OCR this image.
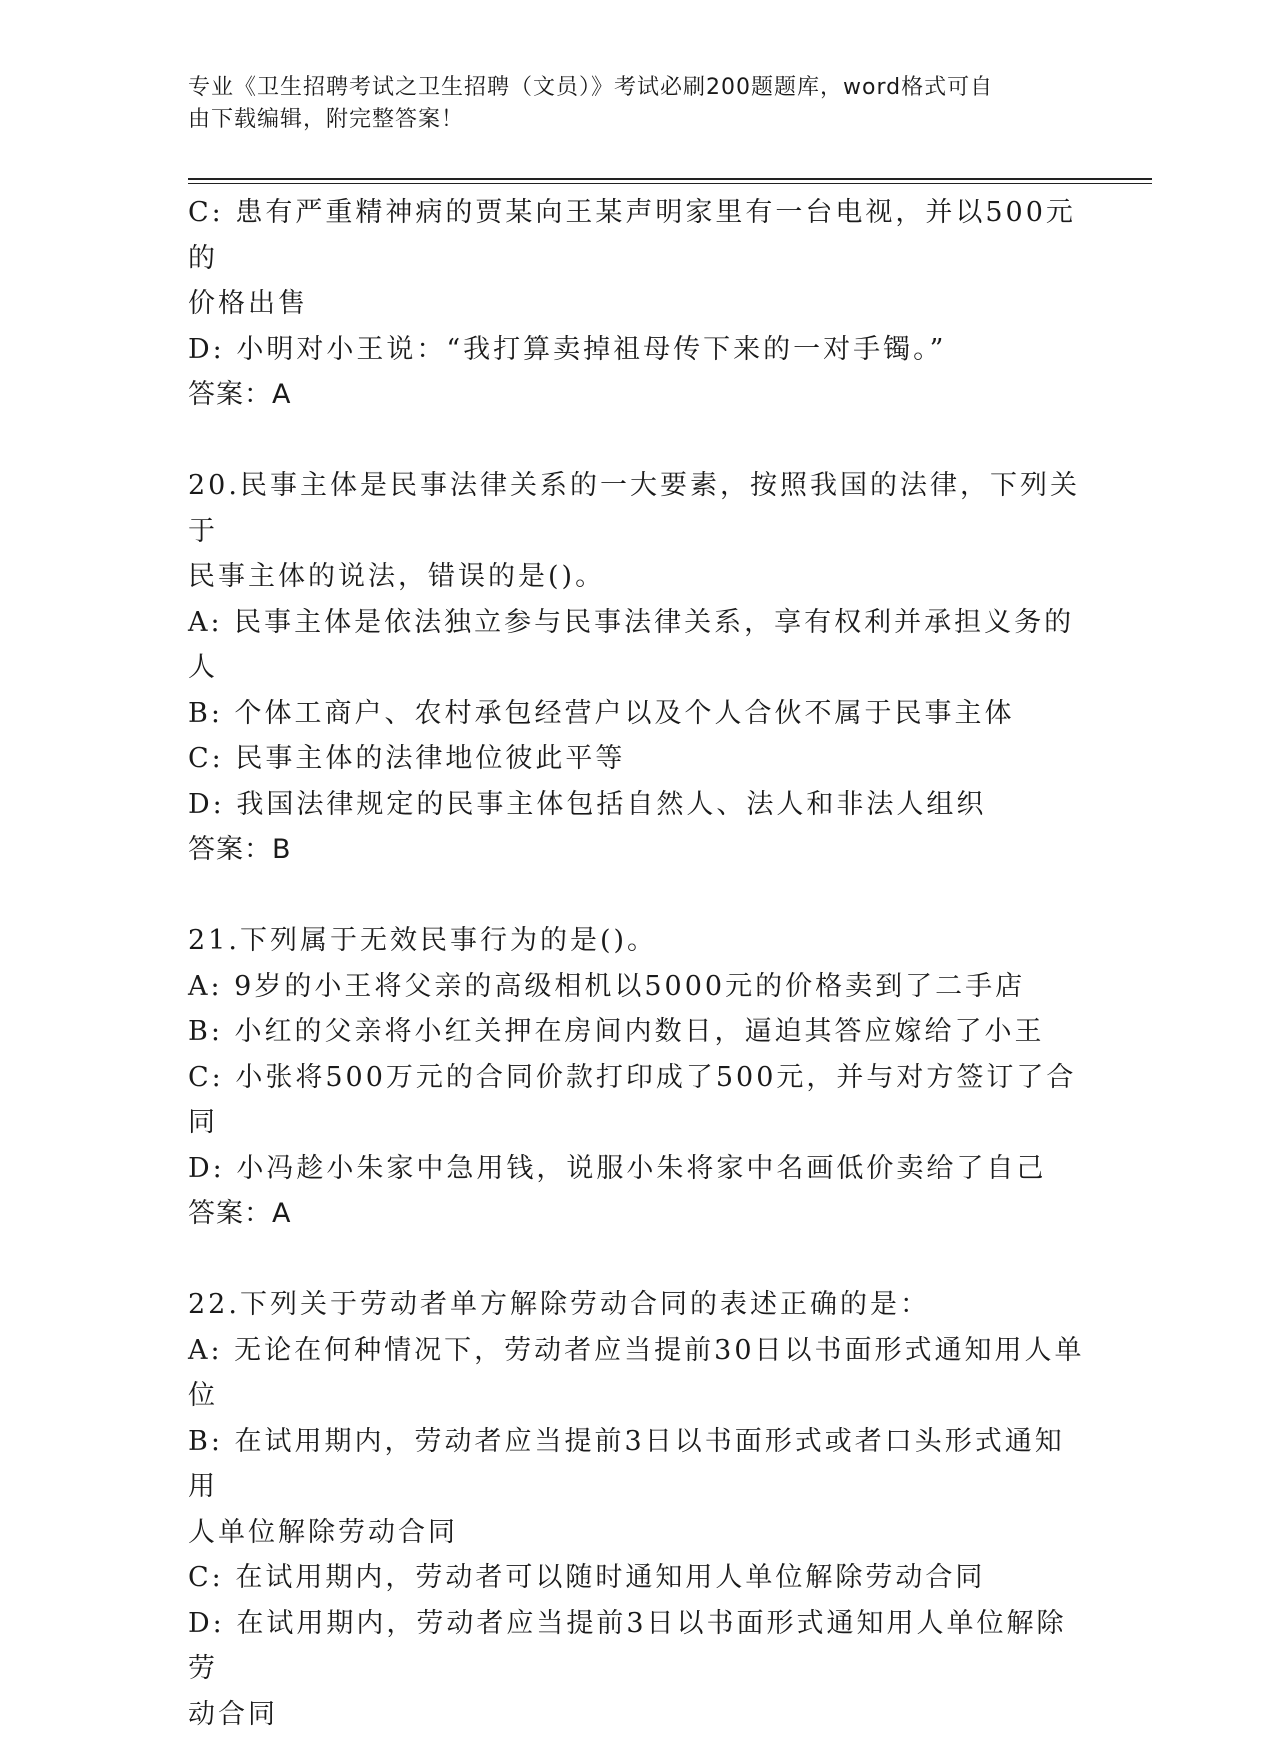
专业《卫生招聘考试之卫生招聘（文员）》考试必刷200题题库，word格式可自

由下载编辑，附完整答案！

C: 患有严重精神病的贾某向王某声明家里有一台电视，并以500元的

价格出售

D: 小明对小王说：“我打算卖掉祖母传下来的一对手镯。”

答案：A

20.民事主体是民事法律关系的一大要素，按照我国的法律，下列关于

民事主体的说法，错误的是()。

A: 民事主体是依法独立参与民事法律关系，享有权利并承担义务的人

B: 个体工商户、农村承包经营户以及个人合伙不属于民事主体

C: 民事主体的法律地位彼此平等

D: 我国法律规定的民事主体包括自然人、法人和非法人组织

答案：B

21.下列属于无效民事行为的是()。

A: 9岁的小王将父亲的高级相机以5000元的价格卖到了二手店

B: 小红的父亲将小红关押在房间内数日，逼迫其答应嫁给了小王

C: 小张将500万元的合同价款打印成了500元，并与对方签订了合同

D: 小冯趁小朱家中急用钱，说服小朱将家中名画低价卖给了自己

答案：A

22.下列关于劳动者单方解除劳动合同的表述正确的是：

A: 无论在何种情况下，劳动者应当提前30日以书面形式通知用人单

位

B: 在试用期内，劳动者应当提前3日以书面形式或者口头形式通知用

人单位解除劳动合同

C: 在试用期内，劳动者可以随时通知用人单位解除劳动合同

D: 在试用期内，劳动者应当提前3日以书面形式通知用人单位解除劳

动合同
